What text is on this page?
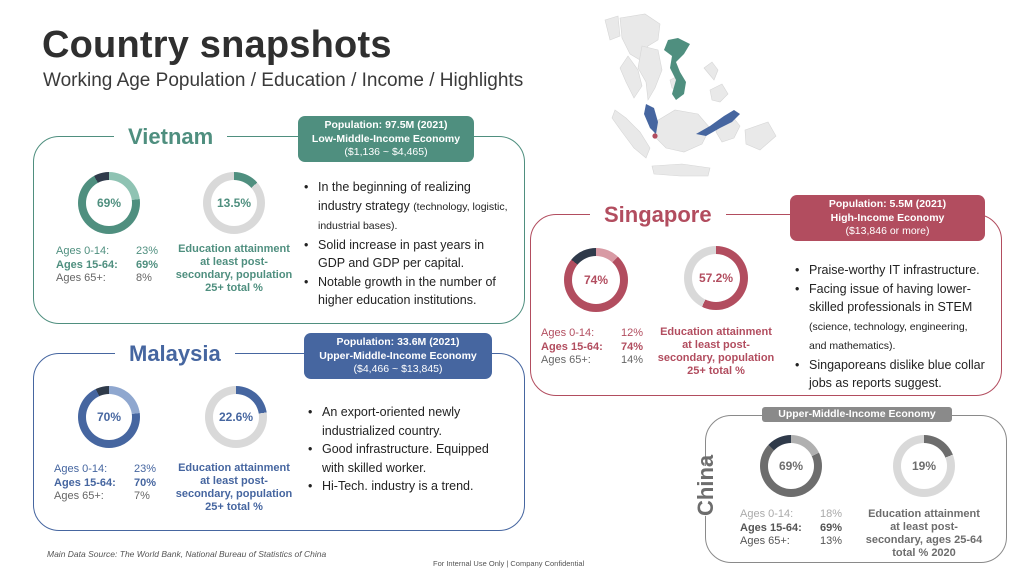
Country snapshots
Working Age Population / Education / Income / Highlights
Vietnam	Population: 97.5M (2021)
Low-Middle-Income Economy
($1,136 ~ $4,465)
69%	13.5%
Ages 0-14:	23%
Ages 15-64:	69%
Ages 65+:	8%
Education attainment
at least post-
secondary, population
25+ total %
• In the beginning of realizing
industry strategy (technology, logistic,
industrial bases).
• Solid increase in past years in
GDP and GDP per capital.
• Notable growth in the number of
higher education institutions.
Malaysia	Population: 33.6M (2021)
Upper-Middle-Income Economy
($4,466 ~ $13,845)
70%	22.6%
Ages 0-14:	23%
Ages 15-64:	70%
Ages 65+:	7%
Education attainment
at least post-
secondary, population
25+ total %
• An export-oriented newly
industrialized country.
• Good infrastructure. Equipped
with skilled worker.
• Hi-Tech. industry is a trend.
Singapore	Population: 5.5M (2021)
High-Income Economy
($13,846 or more)
74%	57.2%
Ages 0-14:	12%
Ages 15-64:	74%
Ages 65+:	14%
Education attainment
at least post-
secondary, population
25+ total %
• Praise-worthy IT infrastructure.
• Facing issue of having lower-
skilled professionals in STEM
(science, technology, engineering,
and mathematics).
• Singaporeans dislike blue collar
jobs as reports suggest.
China
Upper-Middle-Income Economy
69%	19%
Ages 0-14:	18%
Ages 15-64:	69%
Ages 65+:	13%
Education attainment
at least post-
secondary, ages 25-64
total % 2020
Main Data Source: The World Bank, National Bureau of Statistics of China
For Internal Use Only | Company Confidential
